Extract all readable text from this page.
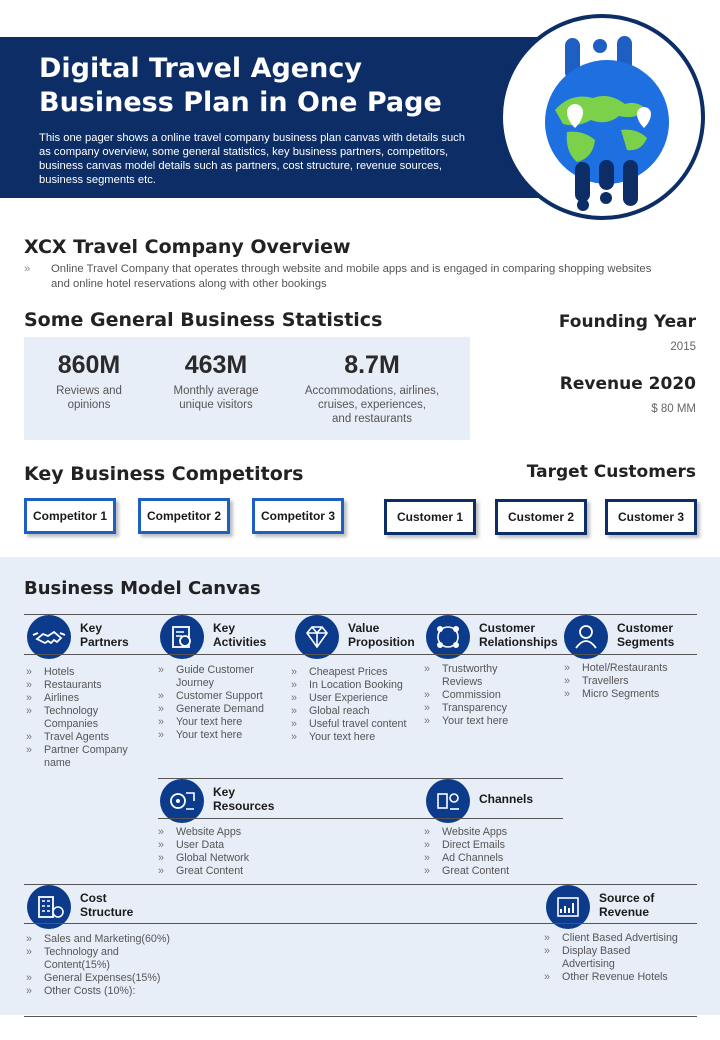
Digital Travel Agency
Business Plan in One Page
This one pager shows a online travel company business plan canvas with details such as company overview, some general statistics, key business partners, competitors, business canvas model details such as partners, cost structure, revenue sources, business segments etc.
XCX Travel Company Overview
»	Online Travel Company that operates through website and mobile apps and is engaged in comparing shopping websites and online hotel reservations along with other bookings
Some General Business Statistics
860M
Reviews and
opinions
463M
Monthly average
unique visitors
8.7M
Accommodations, airlines,
cruises, experiences,
and restaurants
Founding Year
2015
Revenue 2020
$ 80 MM
Key Business Competitors	Target Customers
Competitor 1	Competitor 2	Competitor 3	Customer 1	Customer 2	Customer 3
Business Model Canvas
Key
Partners
Key
Activities
Value
Proposition
Customer
Relationships
Customer
Segments
» Hotels
» Restaurants
» Airlines
» Technology Companies
» Travel Agents
» Partner Company name
» Guide Customer Journey
» Customer Support
» Generate Demand
» Your text here
» Your text here
» Cheapest Prices
» In Location Booking
» User Experience
» Global reach
» Useful travel content
» Your text here
» Trustworthy Reviews
» Commission
» Transparency
» Your text here
» Hotel/Restaurants
» Travellers
» Micro Segments
Key
Resources	Channels
» Website Apps
» User Data
» Global Network
» Great Content
» Website Apps
» Direct Emails
» Ad Channels
» Great Content
Cost
Structure
Source of
Revenue
» Sales and Marketing(60%)
» Technology and Content(15%)
» General Expenses(15%)
» Other Costs (10%):
» Client Based Advertising
» Display Based Advertising
» Other Revenue Hotels
